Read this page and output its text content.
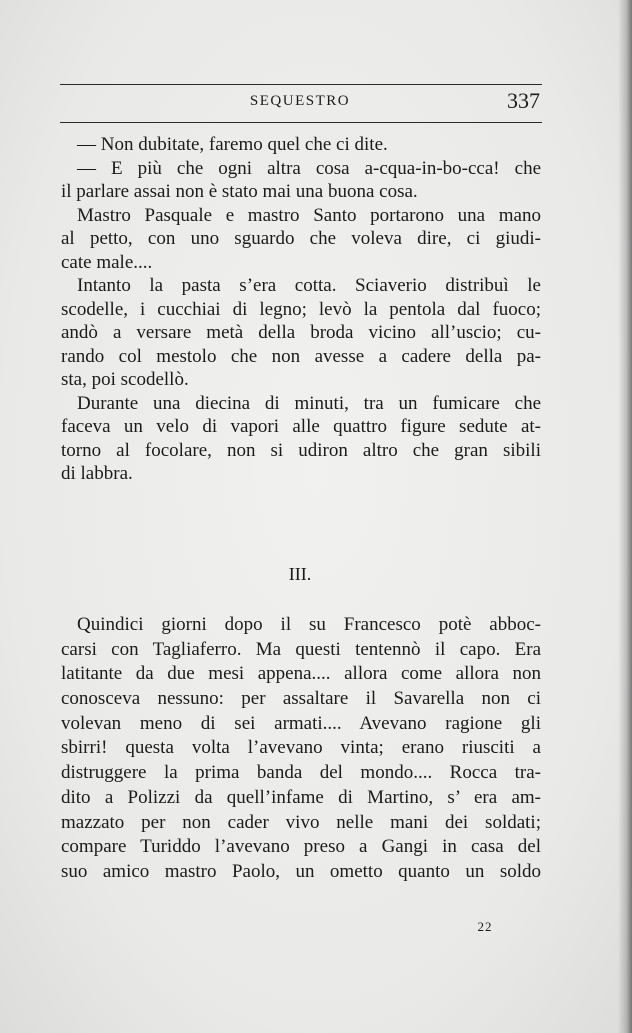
SEQUESTRO	337
— Non dubitate, faremo quel che ci dite.
— E più che ogni altra cosa a-cqua-in-bo-cca! che
il parlare assai non è stato mai una buona cosa.
Mastro Pasquale e mastro Santo portarono una mano
al petto, con uno sguardo che voleva dire, ci giudi-
cate male....
Intanto la pasta s’era cotta. Sciaverio distribuì le
scodelle, i cucchiai di legno; levò la pentola dal fuoco;
andò a versare metà della broda vicino all’uscio; cu-
rando col mestolo che non avesse a cadere della pa-
sta, poi scodellò.
Durante una diecina di minuti, tra un fumicare che
faceva un velo di vapori alle quattro figure sedute at-
torno al focolare, non si udiron altro che gran sibili
di labbra.
III.
Quindici giorni dopo il su Francesco potè abboc-
carsi con Tagliaferro. Ma questi tentennò il capo. Era
latitante da due mesi appena.... allora come allora non
conosceva nessuno: per assaltare il Savarella non ci
volevan meno di sei armati.... Avevano ragione gli
sbirri! questa volta l’avevano vinta; erano riusciti a
distruggere la prima banda del mondo.... Rocca tra-
dito a Polizzi da quell’infame di Martino, s’ era am-
mazzato per non cader vivo nelle mani dei soldati;
compare Turiddo l’avevano preso a Gangi in casa del
suo amico mastro Paolo, un ometto quanto un soldo
22
